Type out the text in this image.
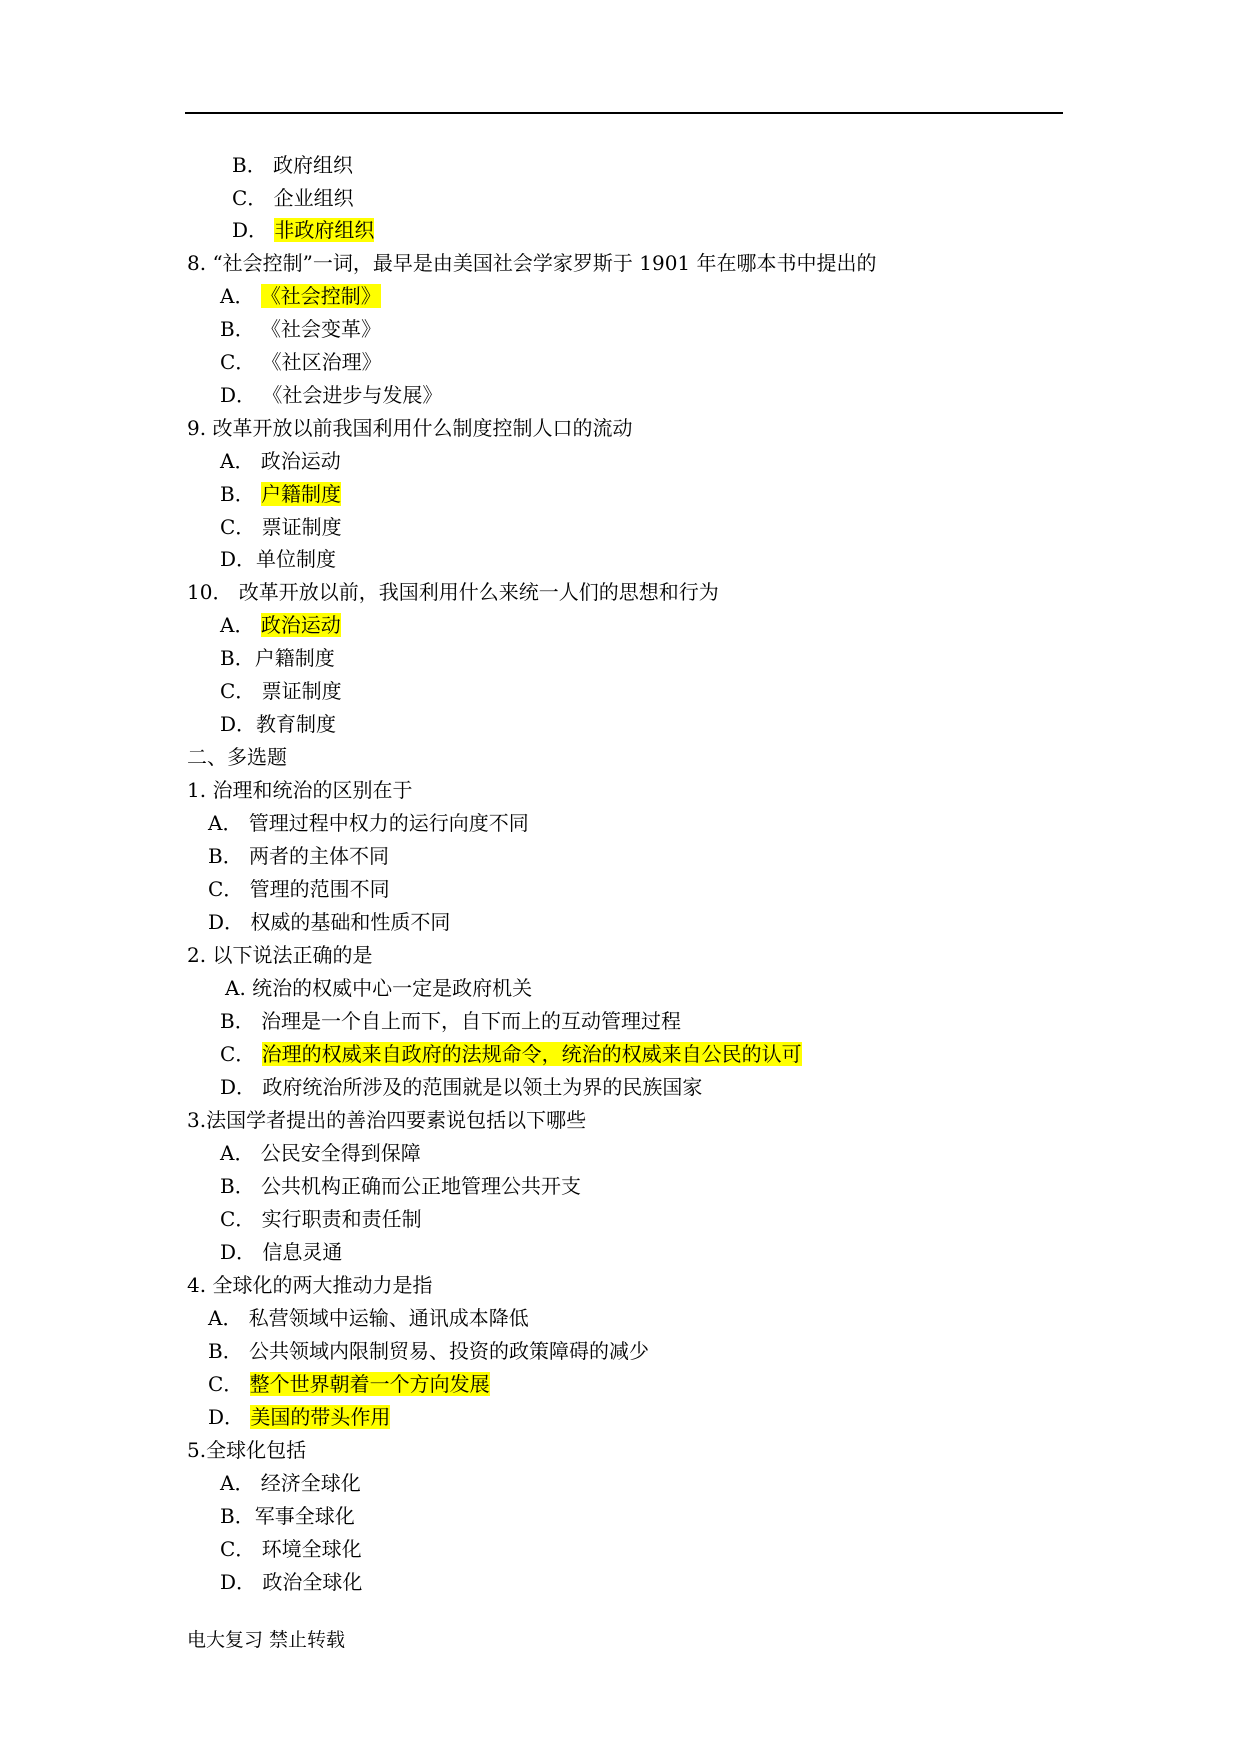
B． 政府组织
C． 企业组织
D． 非政府组织
8. “社会控制”一词，最早是由美国社会学家罗斯于 1901 年在哪本书中提出的
A． 《社会控制》
B． 《社会变革》
C． 《社区治理》
D． 《社会进步与发展》
9. 改革开放以前我国利用什么制度控制人口的流动
A． 政治运动
B． 户籍制度
C． 票证制度
D．单位制度
10． 改革开放以前，我国利用什么来统一人们的思想和行为
A． 政治运动
B．户籍制度
C． 票证制度
D．教育制度
二、多选题
1. 治理和统治的区别在于
A． 管理过程中权力的运行向度不同
B． 两者的主体不同
C． 管理的范围不同
D． 权威的基础和性质不同
2. 以下说法正确的是
A. 统治的权威中心一定是政府机关
B． 治理是一个自上而下，自下而上的互动管理过程
C． 治理的权威来自政府的法规命令，统治的权威来自公民的认可
D． 政府统治所涉及的范围就是以领土为界的民族国家
3.法国学者提出的善治四要素说包括以下哪些
A． 公民安全得到保障
B． 公共机构正确而公正地管理公共开支
C． 实行职责和责任制
D． 信息灵通
4. 全球化的两大推动力是指
A． 私营领域中运输、通讯成本降低
B． 公共领域内限制贸易、投资的政策障碍的减少
C． 整个世界朝着一个方向发展
D． 美国的带头作用
5.全球化包括
A． 经济全球化
B．军事全球化
C． 环境全球化
D． 政治全球化
电大复习 禁止转载
